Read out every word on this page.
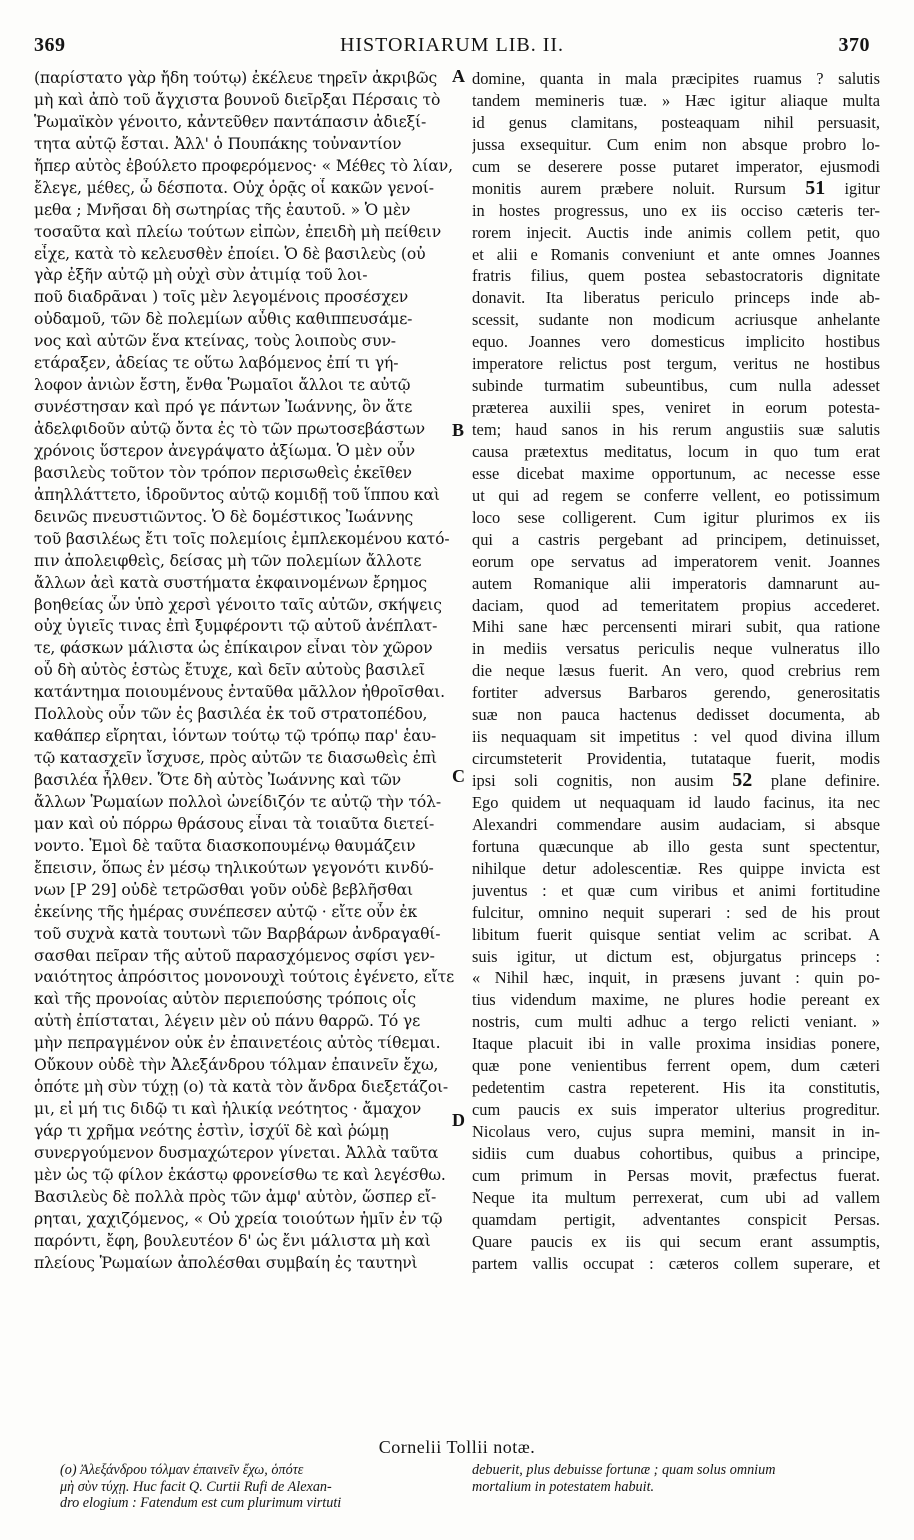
369	HISTORIARUM LIB. II.	370
(παρίστατο γὰρ ἤδη τούτῳ) ἐκέλευε τηρεῖν ἀκριβῶς
μὴ καὶ ἀπὸ τοῦ ἄγχιστα βουνοῦ διεῖρξαι Πέρσαις τὸ
Ῥωμαϊκὸν γένοιτο, κἀντεῦθεν παντάπασιν ἀδιεξί-
τητα αὐτῷ ἔσται. Ἀλλ' ὁ Πουπάκης τοὐναντίον
ἤπερ αὐτὸς ἐβούλετο προφερόμενος· « Μέθες τὸ λίαν,
ἔλεγε, μέθες, ὦ δέσποτα. Οὐχ ὁρᾷς οἷ κακῶν γενοί-
μεθα ; Μνῆσαι δὴ σωτηρίας τῆς ἑαυτοῦ. » Ὁ μὲν
τοσαῦτα καὶ πλείω τούτων εἰπὼν, ἐπειδὴ μὴ πείθειν
εἶχε, κατὰ τὸ κελευσθὲν ἐποίει. Ὁ δὲ βασιλεὺς (οὐ
γὰρ ἐξῆν αὐτῷ μὴ οὐχὶ σὺν ἀτιμίᾳ τοῦ λοι-
ποῦ διαδρᾶναι ) τοῖς μὲν λεγομένοις προσέσχεν
οὐδαμοῦ, τῶν δὲ πολεμίων αὖθις καθιππευσάμε-
νος καὶ αὐτῶν ἕνα κτείνας, τοὺς λοιποὺς συν-
ετάραξεν, ἀδείας τε οὕτω λαβόμενος ἐπί τι γή-
λοφον ἀνιὼν ἔστη, ἔνθα Ῥωμαῖοι ἄλλοι τε αὐτῷ
συνέστησαν καὶ πρό γε πάντων Ἰωάννης, ὃν ἅτε
ἀδελφιδοῦν αὐτῷ ὄντα ἐς τὸ τῶν πρωτοσεβάστων
χρόνοις ὕστερον ἀνεγράψατο ἀξίωμα. Ὁ μὲν οὖν
βασιλεὺς τοῦτον τὸν τρόπον περισωθεὶς ἐκεῖθεν
ἀπηλλάττετο, ἱδροῦντος αὐτῷ κομιδῇ τοῦ ἵππου καὶ
δεινῶς πνευστιῶντος. Ὁ δὲ δομέστικος Ἰωάννης
τοῦ βασιλέως ἔτι τοῖς πολεμίοις ἐμπλεκομένου κατό-
πιν ἀπολειφθεὶς, δείσας μὴ τῶν πολεμίων ἄλλοτε
ἄλλων ἀεὶ κατὰ συστήματα ἐκφαινομένων ἔρημος
βοηθείας ὧν ὑπὸ χερσὶ γένοιτο ταῖς αὐτῶν, σκήψεις
οὐχ ὑγιεῖς τινας ἐπὶ ξυμφέροντι τῷ αὐτοῦ ἀνέπλατ-
τε, φάσκων μάλιστα ὡς ἐπίκαιρον εἶναι τὸν χῶρον
οὗ δὴ αὐτὸς ἑστὼς ἔτυχε, καὶ δεῖν αὐτοὺς βασιλεῖ
κατάντημα ποιουμένους ἐνταῦθα μᾶλλον ἠθροῖσθαι.
Πολλοὺς οὖν τῶν ἐς βασιλέα ἐκ τοῦ στρατοπέδου,
καθάπερ εἴρηται, ἰόντων τούτῳ τῷ τρόπῳ παρ' ἑαυ-
τῷ κατασχεῖν ἴσχυσε, πρὸς αὐτῶν τε διασωθεὶς ἐπὶ
βασιλέα ἦλθεν. Ὅτε δὴ αὐτὸς Ἰωάννης καὶ τῶν
ἄλλων Ῥωμαίων πολλοὶ ὠνείδιζόν τε αὐτῷ τὴν τόλ-
μαν καὶ οὐ πόρρω θράσους εἶναι τὰ τοιαῦτα διετεί-
νοντο. Ἐμοὶ δὲ ταῦτα διασκοπουμένῳ θαυμάζειν
ἔπεισιν, ὅπως ἐν μέσῳ τηλικούτων γεγονότι κινδύ-
νων [P 29] οὐδὲ τετρῶσθαι γοῦν οὐδὲ βεβλῆσθαι
ἐκείνης τῆς ἡμέρας συνέπεσεν αὐτῷ · εἴτε οὖν ἐκ
τοῦ συχνὰ κατὰ τουτωνὶ τῶν Βαρβάρων ἀνδραγαθί-
σασθαι πεῖραν τῆς αὐτοῦ παρασχόμενος σφίσι γεν-
ναιότητος ἀπρόσιτος μονονουχὶ τούτοις ἐγένετο, εἴτε
καὶ τῆς προνοίας αὐτὸν περιεπούσης τρόποις οἷς
αὐτὴ ἐπίσταται, λέγειν μὲν οὐ πάνυ θαρρῶ. Τό γε
μὴν πεπραγμένον οὐκ ἐν ἐπαινετέοις αὐτὸς τίθεμαι.
Οὔκουν οὐδὲ τὴν Ἀλεξάνδρου τόλμαν ἐπαινεῖν ἔχω,
ὁπότε μὴ σὺν τύχῃ (o) τὰ κατὰ τὸν ἄνδρα διεξετάζοι-
μι, εἰ μή τις διδῷ τι καὶ ἡλικίᾳ νεότητος · ἄμαχον
γάρ τι χρῆμα νεότης ἐστὶν, ἰσχύϊ δὲ καὶ ῥώμῃ
συνεργούμενον δυσμαχώτερον γίνεται. Ἀλλὰ ταῦτα
μὲν ὡς τῷ φίλον ἑκάστῳ φρονείσθω τε καὶ λεγέσθω.
Βασιλεὺς δὲ πολλὰ πρὸς τῶν ἀμφ' αὐτὸν, ὥσπερ εἴ-
ρηται, χαχιζόμενος, « Οὐ χρεία τοιούτων ἡμῖν ἐν τῷ
παρόντι, ἔφη, βουλευτέον δ' ὡς ἔνι μάλιστα μὴ καὶ
πλείους Ῥωμαίων ἀπολέσθαι συμβαίη ἐς ταυτηνὶ
A
B
C
D
domine, quanta in mala præcipites ruamus ? salutis
tandem memineris tuæ. » Hæc igitur aliaque multa
id genus clamitans, posteaquam nihil persuasit,
jussa exsequitur. Cum enim non absque probro lo-
cum se deserere posse putaret imperator, ejusmodi
monitis aurem præbere noluit. Rursum 51 igitur
in hostes progressus, uno ex iis occiso cæteris ter-
rorem injecit. Auctis inde animis collem petit, quo
et alii e Romanis conveniunt et ante omnes Joannes
fratris filius, quem postea sebastocratoris dignitate
donavit. Ita liberatus periculo princeps inde ab-
scessit, sudante non modicum acriusque anhelante
equo. Joannes vero domesticus implicito hostibus
imperatore relictus post tergum, veritus ne hostibus
subinde turmatim subeuntibus, cum nulla adesset
præterea auxilii spes, veniret in eorum potesta-
tem; haud sanos in his rerum angustiis suæ salutis
causa prætextus meditatus, locum in quo tum erat
esse dicebat maxime opportunum, ac necesse esse
ut qui ad regem se conferre vellent, eo potissimum
loco sese colligerent. Cum igitur plurimos ex iis
qui a castris pergebant ad principem, detinuisset,
eorum ope servatus ad imperatorem venit. Joannes
autem Romanique alii imperatoris damnarunt au-
daciam, quod ad temeritatem propius accederet.
Mihi sane hæc percensenti mirari subit, qua ratione
in mediis versatus periculis neque vulneratus illo
die neque læsus fuerit. An vero, quod crebrius rem
fortiter adversus Barbaros gerendo, generositatis
suæ non pauca hactenus dedisset documenta, ab
iis nequaquam sit impetitus : vel quod divina illum
circumsteterit Providentia, tutataque fuerit, modis
ipsi soli cognitis, non ausim 52 plane definire.
Ego quidem ut nequaquam id laudo facinus, ita nec
Alexandri commendare ausim audaciam, si absque
fortuna quæcunque ab illo gesta sunt spectentur,
nihilque detur adolescentiæ. Res quippe invicta est
juventus : et quæ cum viribus et animi fortitudine
fulcitur, omnino nequit superari : sed de his prout
libitum fuerit quisque sentiat velim ac scribat. A
suis igitur, ut dictum est, objurgatus princeps :
« Nihil hæc, inquit, in præsens juvant : quin po-
tius videndum maxime, ne plures hodie pereant ex
nostris, cum multi adhuc a tergo relicti veniant. »
Itaque placuit ibi in valle proxima insidias ponere,
quæ pone venientibus ferrent opem, dum cæteri
pedetentim castra repeterent. His ita constitutis,
cum paucis ex suis imperator ulterius progreditur.
Nicolaus vero, cujus supra memini, mansit in in-
sidiis cum duabus cohortibus, quibus a principe,
cum primum in Persas movit, præfectus fuerat.
Neque ita multum perrexerat, cum ubi ad vallem
quamdam pertigit, adventantes conspicit Persas.
Quare paucis ex iis qui secum erant assumptis,
partem vallis occupat : cæteros collem superare, et
Cornelii Tollii notæ.
(o) Ἀλεξάνδρου τόλμαν ἐπαινεῖν ἔχω, ὁπότε
μὴ σὺν τύχῃ. Huc facit Q. Curtii Rufi de Alexan-
dro elogium : Fatendum est cum plurimum virtuti
debuerit, plus debuisse fortunæ ; quam solus omnium
mortalium in potestatem habuit.
